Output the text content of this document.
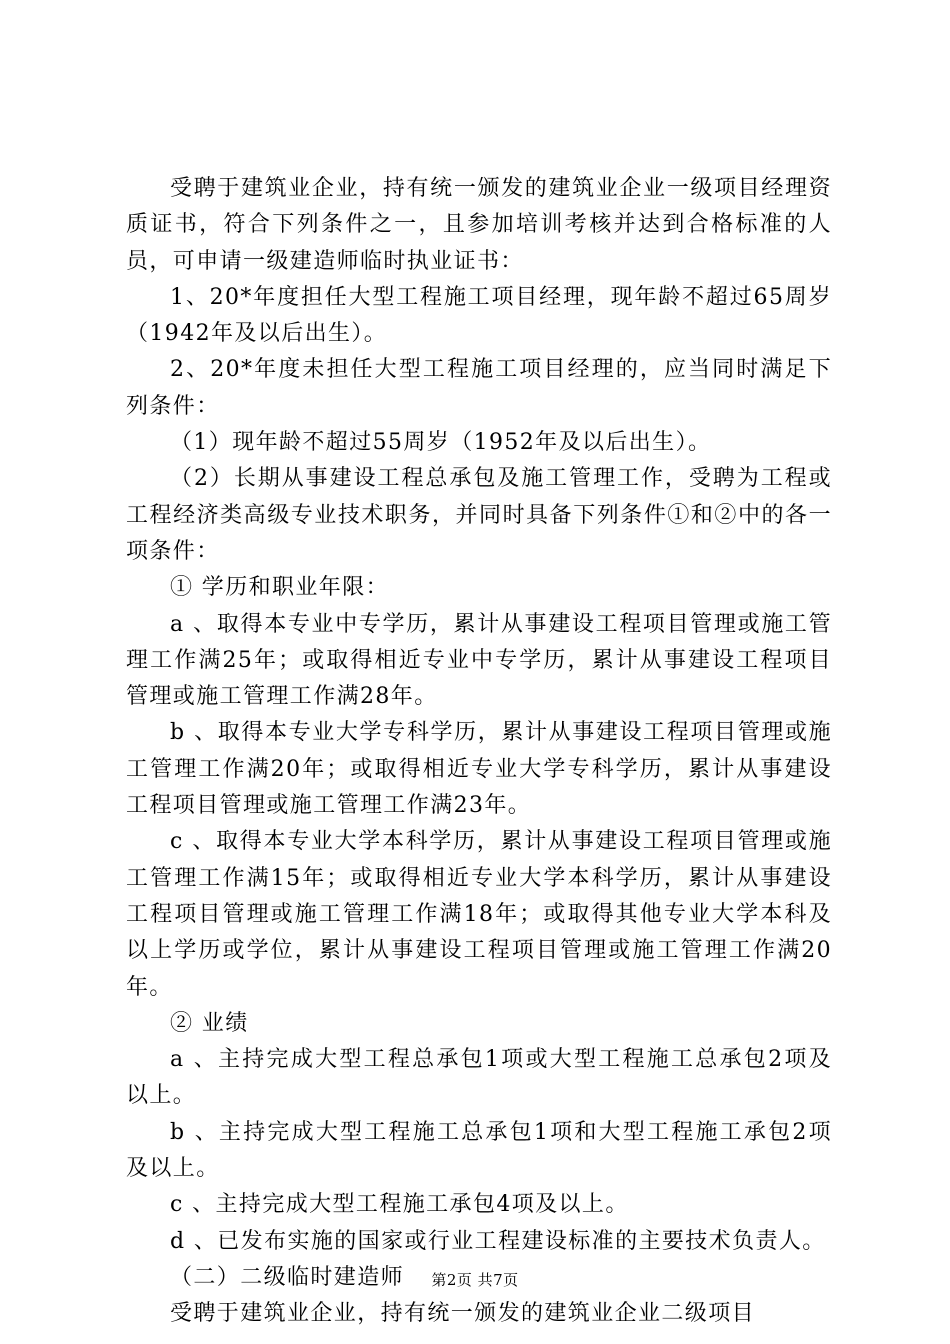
受聘于建筑业企业，持有统一颁发的建筑业企业一级项目经理资质证书，符合下列条件之一，且参加培训考核并达到合格标准的人员，可申请一级建造师临时执业证书：

1、20*年度担任大型工程施工项目经理，现年龄不超过65周岁（1942年及以后出生）。

2、20*年度未担任大型工程施工项目经理的，应当同时满足下列条件：

（1）现年龄不超过55周岁（1952年及以后出生）。

（2）长期从事建设工程总承包及施工管理工作，受聘为工程或工程经济类高级专业技术职务，并同时具备下列条件①和②中的各一项条件：

① 学历和职业年限：

a 、取得本专业中专学历，累计从事建设工程项目管理或施工管理工作满25年；或取得相近专业中专学历，累计从事建设工程项目管理或施工管理工作满28年。

b 、取得本专业大学专科学历，累计从事建设工程项目管理或施工管理工作满20年；或取得相近专业大学专科学历，累计从事建设工程项目管理或施工管理工作满23年。

c 、取得本专业大学本科学历，累计从事建设工程项目管理或施工管理工作满15年；或取得相近专业大学本科学历，累计从事建设工程项目管理或施工管理工作满18年；或取得其他专业大学本科及以上学历或学位，累计从事建设工程项目管理或施工管理工作满20年。

② 业绩

a 、主持完成大型工程总承包1项或大型工程施工总承包2项及以上。

b 、主持完成大型工程施工总承包1项和大型工程施工承包2项及以上。

c 、主持完成大型工程施工承包4项及以上。

d 、已发布实施的国家或行业工程建设标准的主要技术负责人。

（二）二级临时建造师

受聘于建筑业企业，持有统一颁发的建筑业企业二级项目

第2页 共7页
